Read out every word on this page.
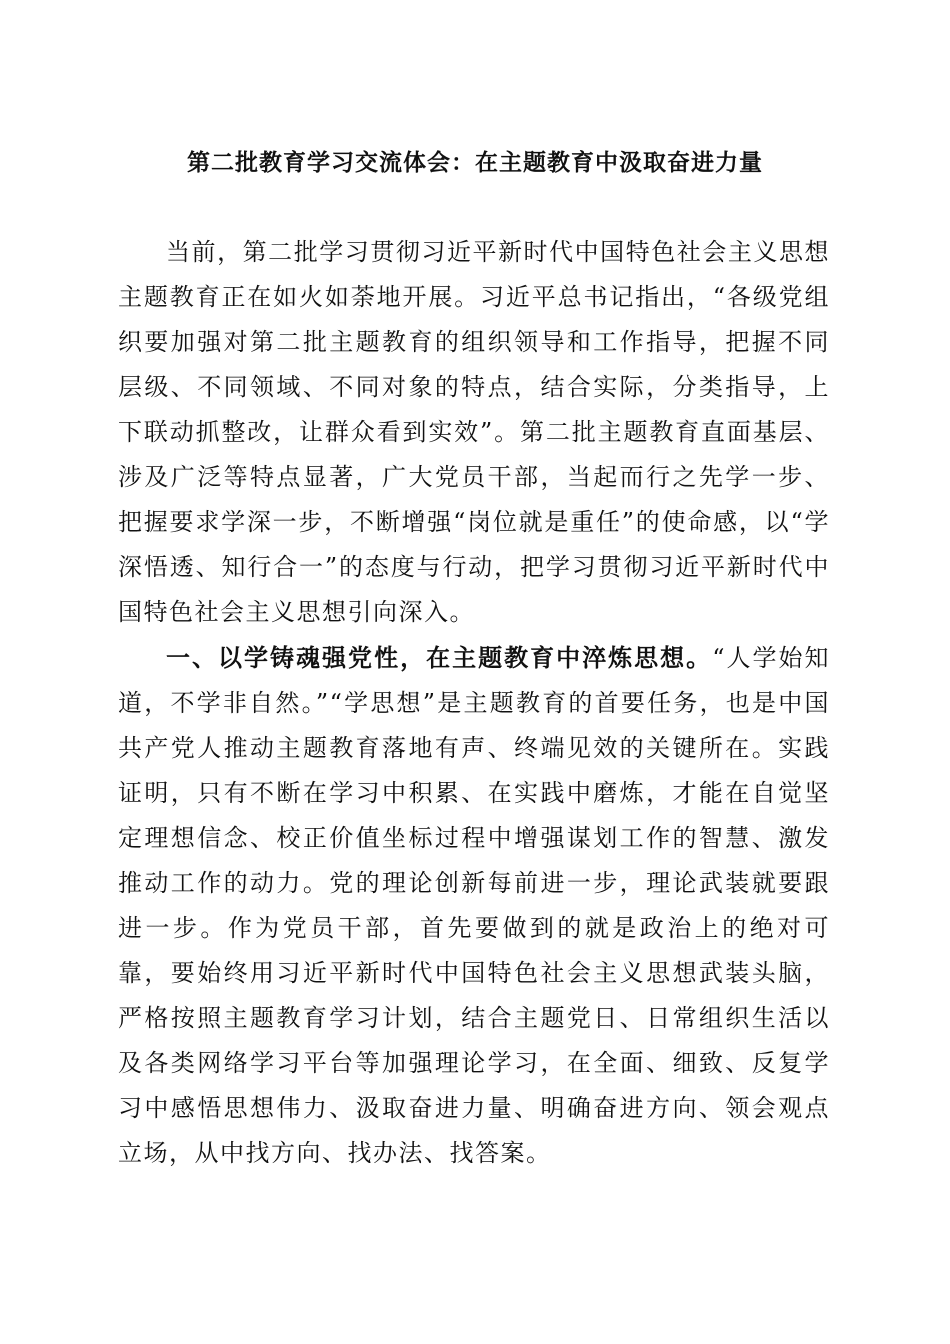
第二批教育学习交流体会：在主题教育中汲取奋进力量

当前，第二批学习贯彻习近平新时代中国特色社会主义思想主题教育正在如火如荼地开展。习近平总书记指出，“各级党组织要加强对第二批主题教育的组织领导和工作指导，把握不同层级、不同领域、不同对象的特点，结合实际，分类指导，上下联动抓整改，让群众看到实效”。第二批主题教育直面基层、涉及广泛等特点显著，广大党员干部，当起而行之先学一步、把握要求学深一步，不断增强“岗位就是重任”的使命感，以“学深悟透、知行合一”的态度与行动，把学习贯彻习近平新时代中国特色社会主义思想引向深入。

一、以学铸魂强党性，在主题教育中淬炼思想。“人学始知道，不学非自然。”“学思想”是主题教育的首要任务，也是中国共产党人推动主题教育落地有声、终端见效的关键所在。实践证明，只有不断在学习中积累、在实践中磨炼，才能在自觉坚定理想信念、校正价值坐标过程中增强谋划工作的智慧、激发推动工作的动力。党的理论创新每前进一步，理论武装就要跟进一步。作为党员干部，首先要做到的就是政治上的绝对可靠，要始终用习近平新时代中国特色社会主义思想武装头脑，严格按照主题教育学习计划，结合主题党日、日常组织生活以及各类网络学习平台等加强理论学习，在全面、细致、反复学习中感悟思想伟力、汲取奋进力量、明确奋进方向、领会观点立场，从中找方向、找办法、找答案。
